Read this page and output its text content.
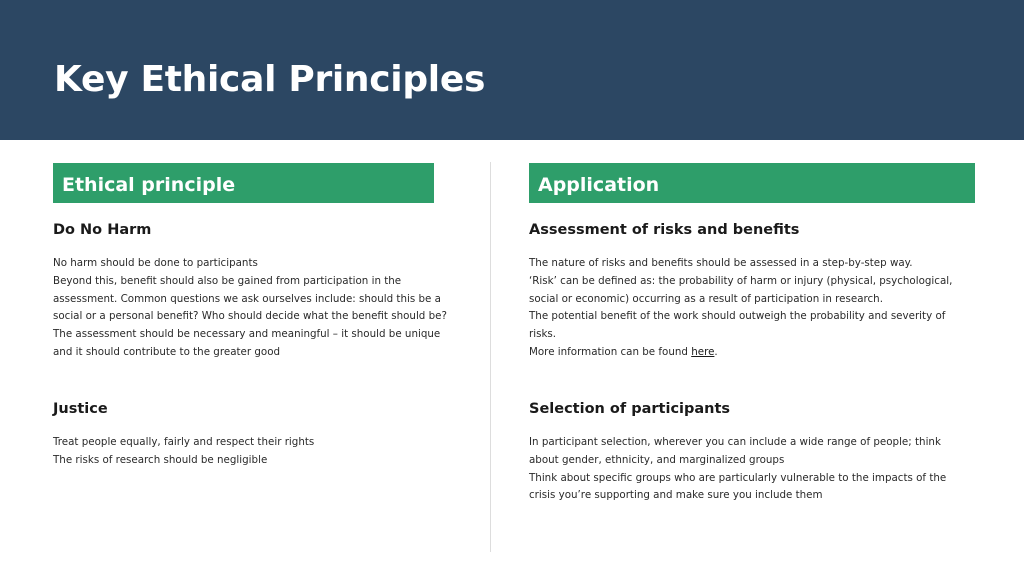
Key Ethical Principles
Ethical principle
Do No Harm
No harm should be done to participants
Beyond this, benefit should also be gained from participation in the
assessment. Common questions we ask ourselves include: should this be a
social or a personal benefit? Who should decide what the benefit should be?
The assessment should be necessary and meaningful – it should be unique
and it should contribute to the greater good
Justice
Treat people equally, fairly and respect their rights
The risks of research should be negligible
Application
Assessment of risks and benefits
The nature of risks and benefits should be assessed in a step-by-step way.
‘Risk’ can be defined as: the probability of harm or injury (physical, psychological,
social or economic) occurring as a result of participation in research.
The potential benefit of the work should outweigh the probability and severity of
risks.
More information can be found here.
Selection of participants
In participant selection, wherever you can include a wide range of people; think
about gender, ethnicity, and marginalized groups
Think about specific groups who are particularly vulnerable to the impacts of the
crisis you’re supporting and make sure you include them
